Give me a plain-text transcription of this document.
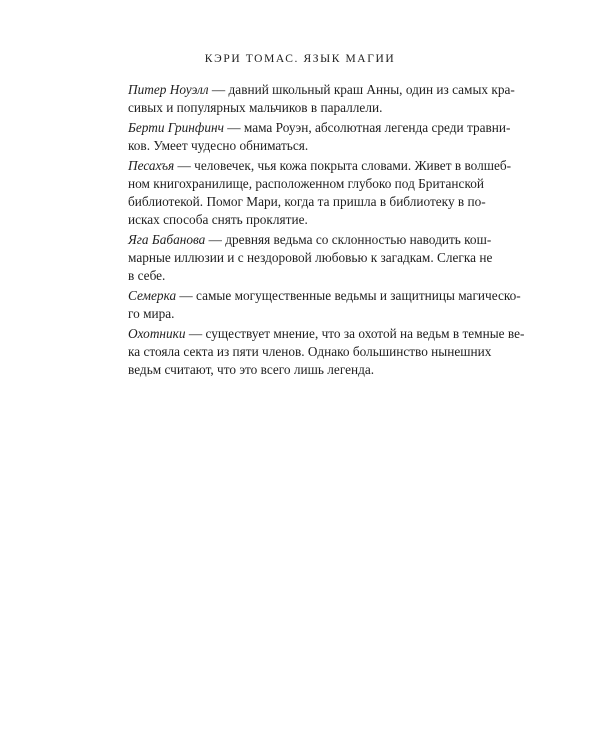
КЭРИ ТОМАС. ЯЗЫК МАГИИ
Питер Ноуэлл — давний школьный краш Анны, один из самых кра-
сивых и популярных мальчиков в параллели.
Берти Гринфинч — мама Роуэн, абсолютная легенда среди травни-
ков. Умеет чудесно обниматься.
Песахъя — человечек, чья кожа покрыта словами. Живет в волшеб-
ном книгохранилище, расположенном глубоко под Британской
библиотекой. Помог Мари, когда та пришла в библиотеку в по-
исках способа снять проклятие.
Яга Бабанова — древняя ведьма со склонностью наводить кош-
марные иллюзии и с нездоровой любовью к загадкам. Слегка не
в себе.
Семерка — самые могущественные ведьмы и защитницы магическо-
го мира.
Охотники — существует мнение, что за охотой на ведьм в темные ве-
ка стояла секта из пяти членов. Однако большинство нынешних
ведьм считают, что это всего лишь легенда.
